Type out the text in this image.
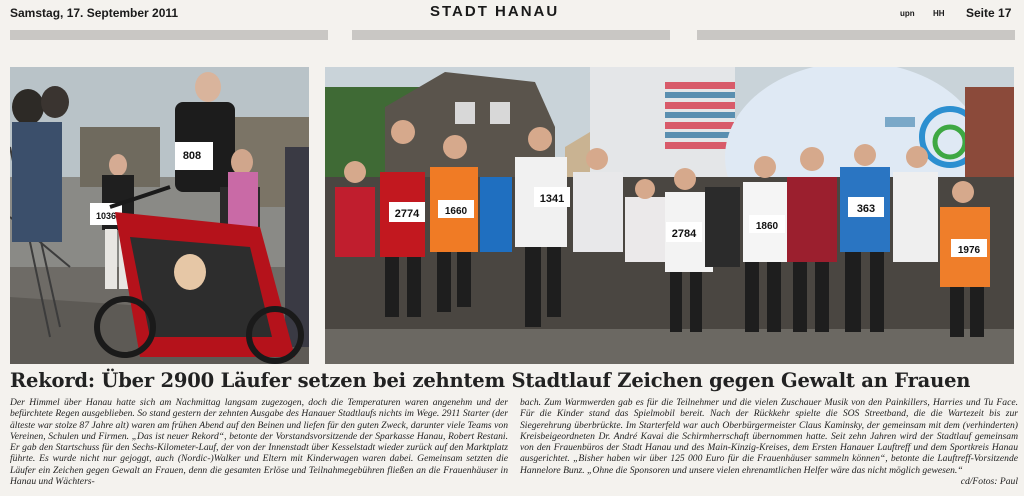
Samstag, 17. September 2011	STADT HANAU	upn HH Seite 17
808
1036	2774	1660
1341
2784
1860
363
1976
Rekord: Über 2900 Läufer setzen bei zehntem Stadtlauf Zeichen gegen Gewalt an Frauen
Der Himmel über Hanau hatte sich am Nachmittag langsam zugezogen, doch die Temperaturen waren angenehm und der befürchtete Regen ausgeblieben. So stand gestern der zehnten Ausgabe des Hanauer Stadtlaufs nichts im Wege. 2911 Starter (der älteste war stolze 87 Jahre alt) waren am frühen Abend auf den Beinen und liefen für den guten Zweck, darunter viele Teams von Vereinen, Schulen und Firmen. „Das ist neuer Rekord“, betonte der Vorstandsvorsitzende der Sparkasse Hanau, Robert Restani. Er gab den Startschuss für den Sechs-Kilometer-Lauf, der von der Innenstadt über Kesselstadt wieder zurück auf den Marktplatz führte. Es wurde nicht nur gejoggt, auch (Nordic-)Walker und Eltern mit Kinderwagen waren dabei. Gemeinsam setzten die Läufer ein Zeichen gegen Gewalt an Frauen, denn die gesamten Erlöse und Teilnahmegebühren fließen an die Frauenhäuser in Hanau und Wächters-
bach. Zum Warmwerden gab es für die Teilnehmer und die vielen Zuschauer Musik von den Painkillers, Harries und Tu Face. Für die Kinder stand das Spielmobil bereit. Nach der Rückkehr spielte die SOS Streetband, die die Wartezeit bis zur Siegerehrung überbrückte. Im Starterfeld war auch Oberbürgermeister Claus Kaminsky, der gemeinsam mit dem (verhinderten) Kreisbeigeordneten Dr. André Kavai die Schirmherrschaft übernommen hatte. Seit zehn Jahren wird der Stadtlauf gemeinsam von den Frauenbüros der Stadt Hanau und des Main-Kinzig-Kreises, dem Ersten Hanauer Lauftreff und dem Sportkreis Hanau ausgerichtet. „Bisher haben wir über 125 000 Euro für die Frauenhäuser sammeln können“, betonte die Lauftreff-Vorsitzende Hannelore Bunz. „Ohne die Sponsoren und unsere vielen ehrenamtlichen Helfer wäre das nicht möglich gewesen.“
cd/Fotos: Paul
